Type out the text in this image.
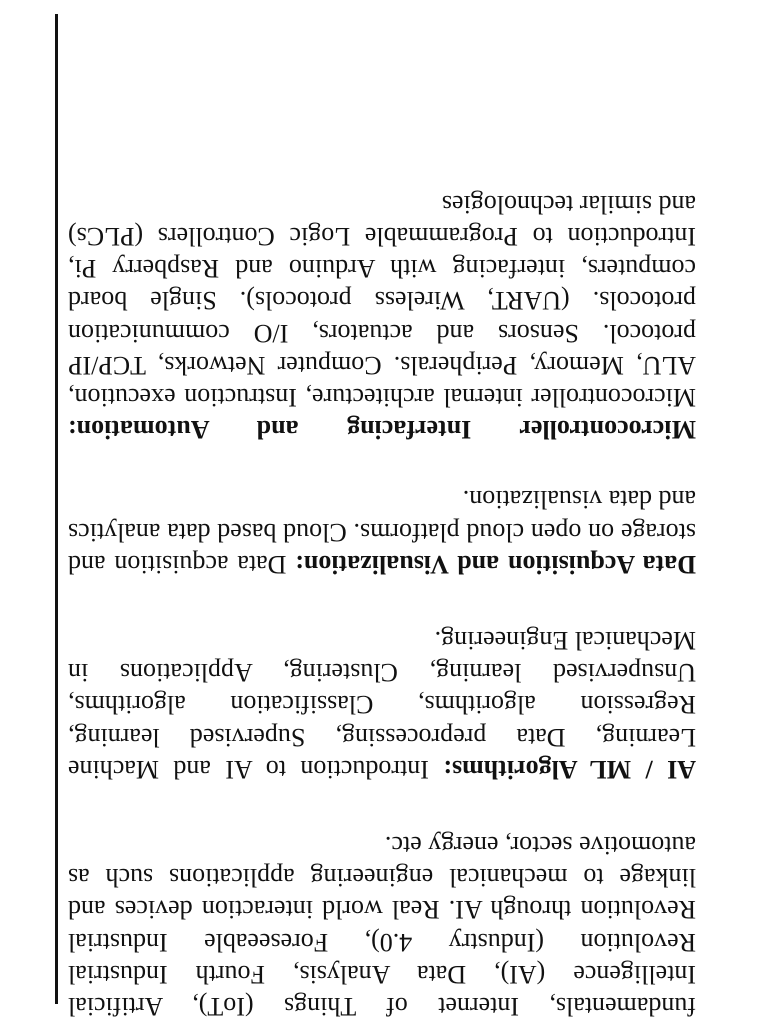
fundamentals, Internet of Things (IoT), Artificial Intelligence (AI), Data Analysis, Fourth Industrial Revolution (Industry 4.0), Foreseeable Industrial Revolution through AI. Real world interaction devices and linkage to mechanical engineering applications such as automotive sector, energy etc.

AI / ML Algorithms: Introduction to AI and Machine Learning, Data preprocessing, Supervised learning, Regression algorithms, Classification algorithms, Unsupervised learning, Clustering, Applications in Mechanical Engineering.

Data Acquisition and Visualization: Data acquisition and storage on open cloud platforms. Cloud based data analytics and data visualization.

Microcontroller Interfacing and Automation: Microcontroller internal architecture, Instruction execution, ALU, Memory, Peripherals. Computer Networks, TCP/IP protocol. Sensors and actuators, I/O communication protocols. (UART, Wireless protocols). Single board computers, interfacing with Arduino and Raspberry Pi, Introduction to Programmable Logic Controllers (PLCs) and similar technologies
